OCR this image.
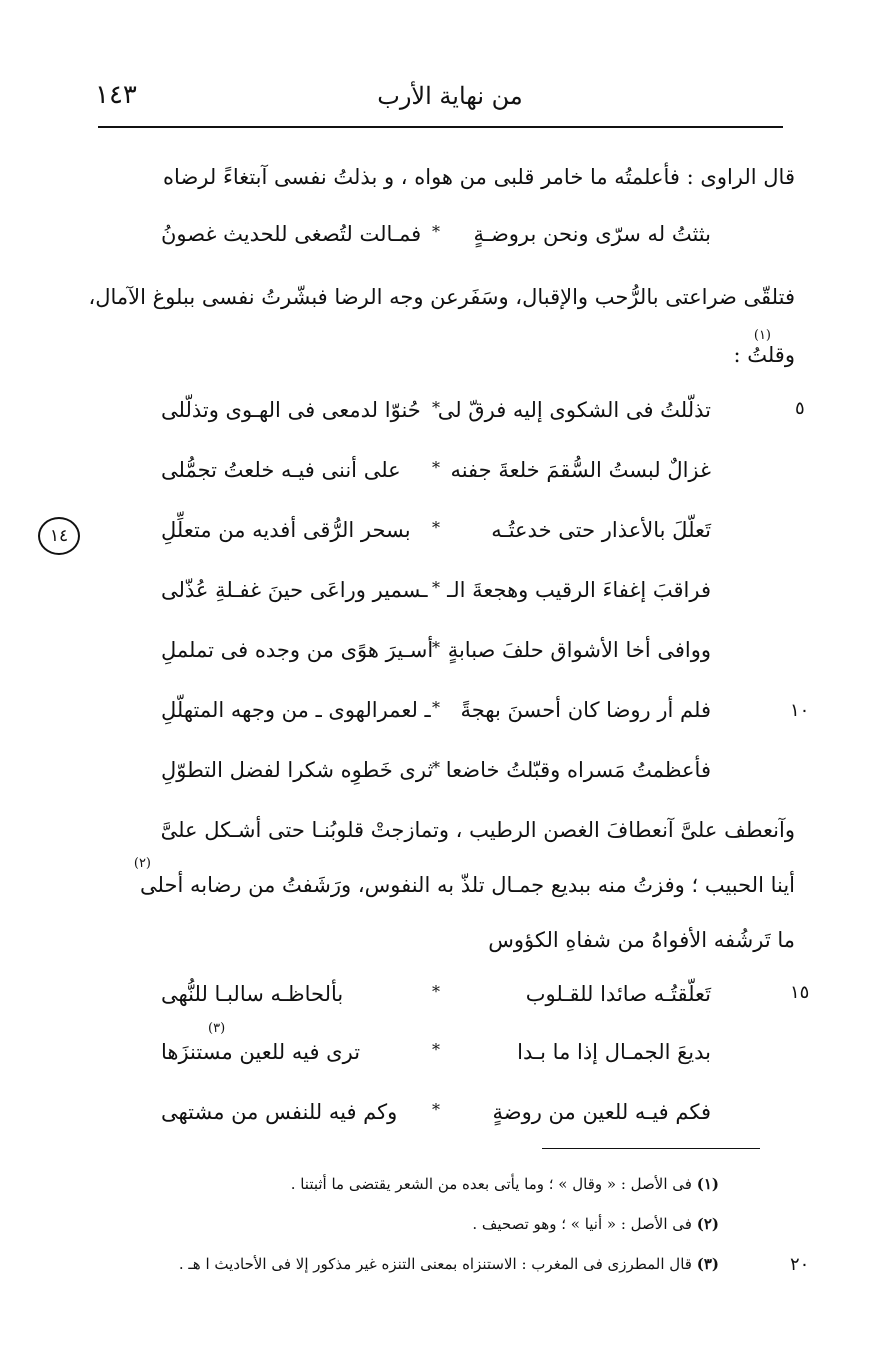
من نهاية الأرب
١٤٣
١٤
٥
١٠
١٥
٢٠
قال الراوى : فأعلمتُه ما خامر قلبى من هواه ، و بذلتُ نفسى آبتغاءً لرضاه
بثثتُ له سرّى ونحن بروضـةٍ
*
فمـالت لتُصغى للحديث غصونُ
فتلقّى ضراعتى بالرُّحب والإقبال، وسَفَرعن وجه الرضا فبشّرتُ نفسى ببلوغ الآمال،
(١)
وقلتُ :
تذلّلتُ فى الشكوى إليه فرقّ لى
*
حُنوّا لدمعى فى الهـوى وتذلّلى
غزالٌ لبستُ السُّقمَ خلعةَ جفنه
*
على أننى فيـه خلعتُ تجمُّلى
تَعلّلَ بالأعذار حتى خدعتُـه
*
بسحر الرُّقى أفديه من متعلِّلِ
فراقبَ إغفاءَ الرقيب وهجعةَ الـ
*
ـسمير وراعَى حينَ غفـلةِ عُذّلى
ووافى أخا الأشواق حلفَ صبابةٍ
*
أسـيرَ هوًى من وجده فى تململِ
فلم أر روضا كان أحسنَ بهجةً
*
ـ لعمرالهوى ـ من وجهه المتهلّلِ
فأعظمتُ مَسراه وقبّلتُ خاضعا
*
ثرى خَطوِه شكرا لفضل التطوّلِ
وآنعطف علىَّ آنعطافَ الغصن الرطيب ، وتمازجتْ قلوبُنـا حتى أشـكل علىَّ
(٢)
أينا الحبيب ؛ وفزتُ منه ببديع جمـال تلذّ به النفوس، ورَشَفتُ من رضابه أحلى
ما تَرشُفه الأفواهُ من شفاهِ الكؤوس
تَعلّقتُـه صائدا للقـلوب
*
بألحاظـه سالبـا للنُّهى
(٣)
بديعَ الجمـال إذا ما بـدا
*
ترى فيه للعين مستنزَها
فكم فيـه للعين من روضةٍ
*
وكم فيه للنفس من مشتهى
(١) فى الأصل : « وقال » ؛ وما يأتى بعده من الشعر يقتضى ما أثبتنا .
(٢) فى الأصل : « أنيا » ؛ وهو تصحيف .
(٣) قال المطرزى فى المغرب : الاستنزاه بمعنى التنزه غير مذكور إلا فى الأحاديث ا هـ .
